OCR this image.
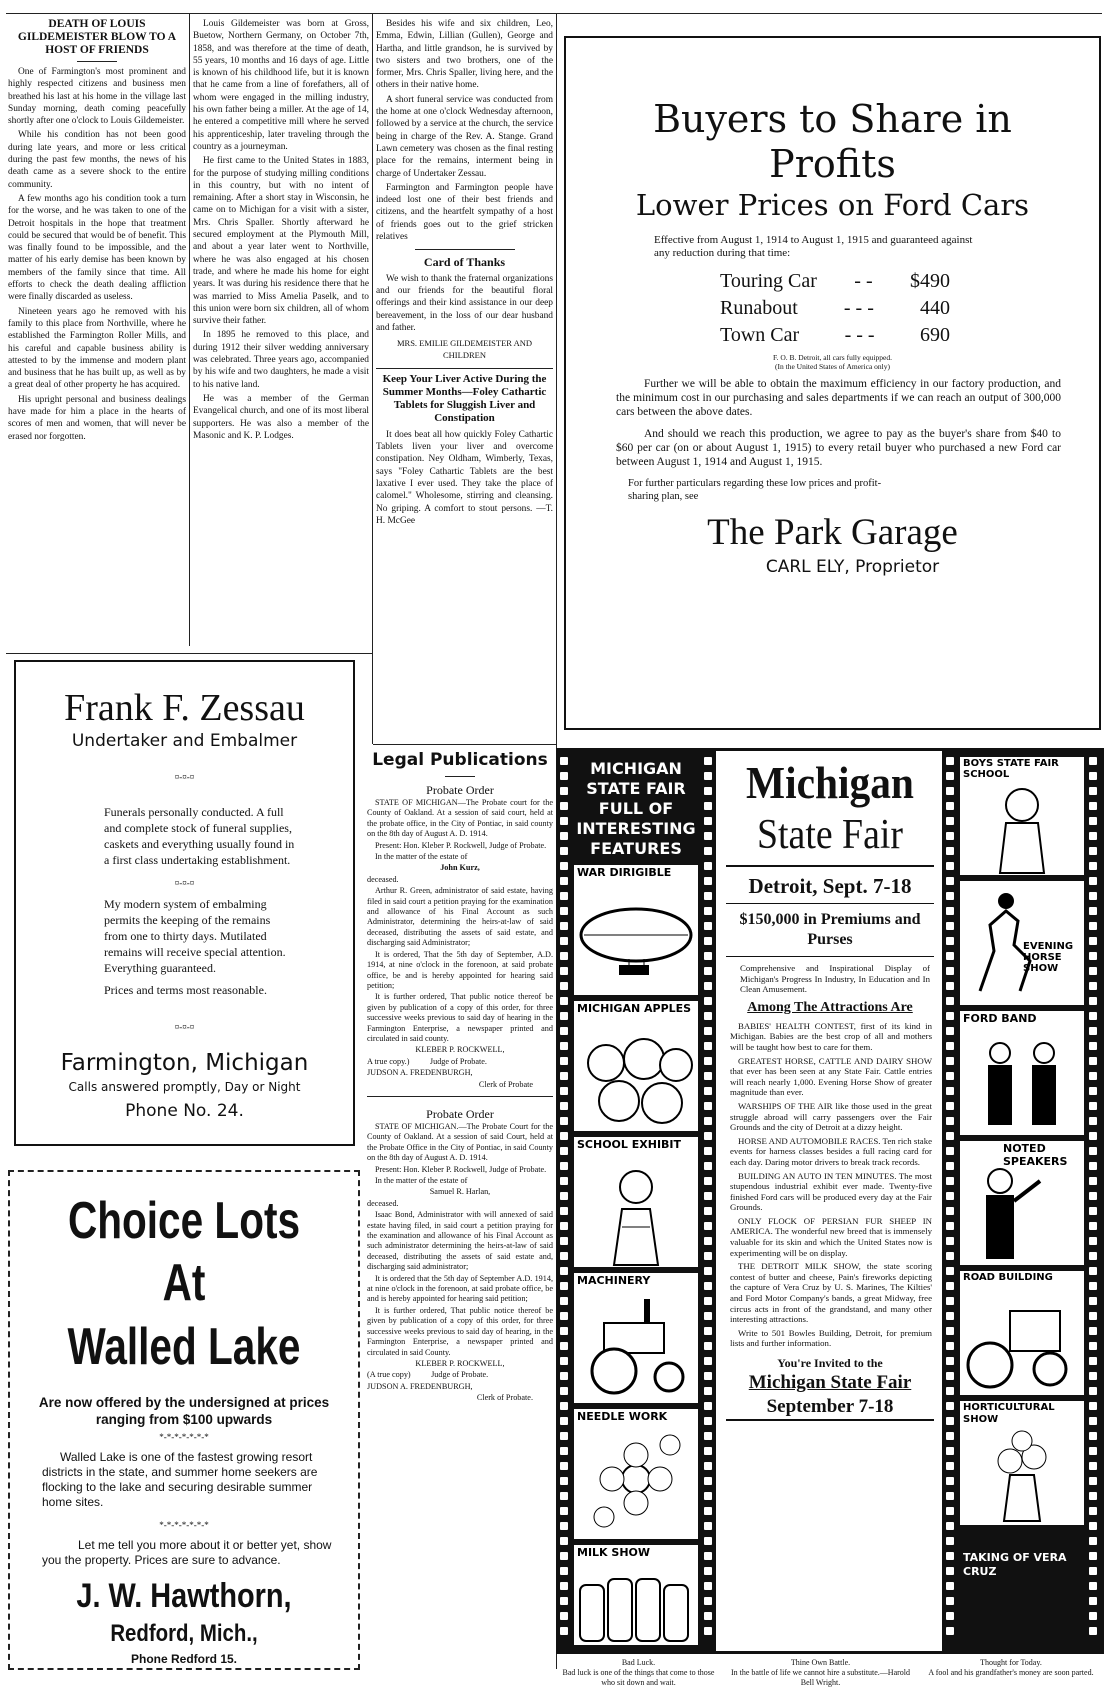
DEATH OF LOUIS GILDEMEISTER BLOW TO A HOST OF FRIENDS

One of Farmington's most prominent and highly respected citizens and business men breathed his last at his home in the village last Sunday morning, death coming peacefully shortly after one o'clock to Louis Gildemeister.

While his condition has not been good during late years, and more or less critical during the past few months, the news of his death came as a severe shock to the entire community.

A few months ago his condition took a turn for the worse, and he was taken to one of the Detroit hospitals in the hope that treatment could be secured that would be of benefit. This was finally found to be impossible, and the matter of his early demise has been known by members of the family since that time. All efforts to check the death dealing affliction were finally discarded as useless.

Nineteen years ago he removed with his family to this place from Northville, where he established the Farmington Roller Mills, and his careful and capable business ability is attested to by the immense and modern plant and business that he has built up, as well as by a great deal of other property he has acquired.

His upright personal and business dealings have made for him a place in the hearts of scores of men and women, that will never be erased nor forgotten.

Louis Gildemeister was born at Gross, Buetow, Northern Germany, on October 7th, 1858, and was therefore at the time of death, 55 years, 10 months and 16 days of age. Little is known of his childhood life, but it is known that he came from a line of forefathers, all of whom were engaged in the milling industry, his own father being a miller. At the age of 14, he entered a competitive mill where he served his apprenticeship, later traveling through the country as a journeyman.

He first came to the United States in 1883, for the purpose of studying milling conditions in this country, but with no intent of remaining. After a short stay in Wisconsin, he came on to Michigan for a visit with a sister, Mrs. Chris Spaller. Shortly afterward he secured employment at the Plymouth Mill, and about a year later went to Northville, where he was also engaged at his chosen trade, and where he made his home for eight years. It was during his residence there that he was married to Miss Amelia Paselk, and to this union were born six children, all of whom survive their father.

In 1895 he removed to this place, and during 1912 their silver wedding anniversary was celebrated. Three years ago, accompanied by his wife and two daughters, he made a visit to his native land.

He was a member of the German Evangelical church, and one of its most liberal supporters. He was also a member of the Masonic and K. P. Lodges.

Besides his wife and six children, Leo, Emma, Edwin, Lillian (Gullen), George and Hartha, and little grandson, he is survived by two sisters and two brothers, one of the former, Mrs. Chris Spaller, living here, and the others in their native home.

A short funeral service was conducted from the home at one o'clock Wednesday afternoon, followed by a service at the church, the service being in charge of the Rev. A. Stange. Grand Lawn cemetery was chosen as the final resting place for the remains, interment being in charge of Undertaker Zessau.

Farmington and Farmington people have indeed lost one of their best friends and citizens, and the heartfelt sympathy of a host of friends goes out to the grief stricken relatives

Card of Thanks

We wish to thank the fraternal organizations and our friends for the beautiful floral offerings and their kind assistance in our deep bereavement, in the loss of our dear husband and father.

MRS. EMILIE GILDEMEISTER AND CHILDREN

Keep Your Liver Active During the Summer Months—Foley Cathartic Tablets for Sluggish Liver and Constipation

It does beat all how quickly Foley Cathartic Tablets liven your liver and overcome constipation. Ney Oldham, Wimberly, Texas, says "Foley Cathartic Tablets are the best laxative I ever used. They take the place of calomel." Wholesome, stirring and cleansing. No griping. A comfort to stout persons. —T. H. McGee

Buyers to Share in
Profits
Lower Prices on Ford Cars
Effective from August 1, 1914 to August 1, 1915 and guaranteed against any reduction during that time:
Touring Car - - $490
Runabout - - - 440
Town Car - - - 690
F. O. B. Detroit, all cars fully equipped.
(In the United States of America only)
Further we will be able to obtain the maximum efficiency in our factory production, and the minimum cost in our purchasing and sales departments if we can reach an output of 300,000 cars between the above dates.
And should we reach this production, we agree to pay as the buyer's share from $40 to $60 per car (on or about August 1, 1915) to every retail buyer who purchased a new Ford car between August 1, 1914 and August 1, 1915.
For further particulars regarding these low prices and profit-sharing plan, see
The Park Garage
CARL ELY, Proprietor
Frank F. Zessau
Undertaker and Embalmer
¤-¤-¤
Funerals personally conducted. A full and complete stock of funeral supplies, caskets and everything usually found in a first class undertaking establishment.
¤-¤-¤
My modern system of embalming permits the keeping of the remains from one to thirty days. Mutilated remains will receive special attention. Everything guaranteed.
Prices and terms most reasonable.
¤-¤-¤
Farmington, Michigan
Calls answered promptly, Day or Night
Phone No. 24.
Choice Lots At
Walled Lake
Are now offered by the undersigned at prices ranging from $100 upwards
*-*-*-*-*-*-*
Walled Lake is one of the fastest growing resort districts in the state, and summer home seekers are flocking to the lake and securing desirable summer home sites.
*-*-*-*-*-*-*
Let me tell you more about it or better yet, show you the property. Prices are sure to advance.
J. W. Hawthorn,
Redford, Mich.,
Phone Redford 15.
Legal Publications
Probate Order

STATE OF MICHIGAN—The Probate court for the County of Oakland. At a session of said court, held at the probate office, in the City of Pontiac, in said county on the 8th day of August A. D. 1914.

Present: Hon. Kleber P. Rockwell, Judge of Probate.

In the matter of the estate of

John Kurz,

deceased.

Arthur R. Green, administrator of said estate, having filed in said court a petition praying for the examination and allowance of his Final Account as such Administrator, determining the heirs-at-law of said deceased, distributing the assets of said estate, and discharging said Administrator;

It is ordered, That the 5th day of September, A.D. 1914, at nine o'clock in the forenoon, at said probate office, be and is hereby appointed for hearing said petition;

It is further ordered, That public notice thereof be given by publication of a copy of this order, for three successive weeks previous to said day of hearing in the Farmington Enterprise, a newspaper printed and circulated in said county.

KLEBER P. ROCKWELL,

A true copy.)          Judge of Probate.

JUDSON A. FREDENBURGH,

Clerk of Probate

Probate Order

STATE OF MICHIGAN.—The Probate Court for the County of Oakland. At a session of said Court, held at the Probate Office in the City of Pontiac, in said County on the 8th day of August A. D. 1914.

Present: Hon. Kleber P. Rockwell, Judge of Probate.

In the matter of the estate of

Samuel R. Harlan,

deceased.

Isaac Bond, Administrator with will annexed of said estate having filed, in said court a petition praying for the examination and allowance of his Final Account as such administrator determining the heirs-at-law of said deceased, distributing the assets of said estate and, discharging said administrator;

It is ordered that the 5th day of September A.D. 1914, at nine o'clock in the forenoon, at said probate office, be and is hereby appointed for hearing said petition;

It is further ordered, That public notice thereof be given by publication of a copy of this order, for three successive weeks previous to said day of hearing, in the Farmington Enterprise, a newspaper printed and circulated in said County.

KLEBER P. ROCKWELL,

(A true copy)          Judge of Probate.

JUDSON A. FREDENBURGH,

Clerk of Probate.

MICHIGAN STATE FAIR FULL OF INTERESTING FEATURES
WAR DIRIGIBLE
MICHIGAN APPLES
SCHOOL EXHIBIT
MACHINERY
NEEDLE WORK
MILK SHOW
Michigan
State Fair
Detroit, Sept. 7-18
$150,000 in Premiums and Purses
Comprehensive and Inspirational Display of Michigan's Progress In Industry, In Education and In Clean Amusement.
Among The Attractions Are

BABIES' HEALTH CONTEST, first of its kind in Michigan. Babies are the best crop of all and mothers will be taught how best to care for them.

GREATEST HORSE, CATTLE AND DAIRY SHOW that ever has been seen at any State Fair. Cattle entries will reach nearly 1,000. Evening Horse Show of greater magnitude than ever.

WARSHIPS OF THE AIR like those used in the great struggle abroad will carry passengers over the Fair Grounds and the city of Detroit at a dizzy height.

HORSE AND AUTOMOBILE RACES. Ten rich stake events for harness classes besides a full racing card for each day. Daring motor drivers to break track records.

BUILDING AN AUTO IN TEN MINUTES. The most stupendous industrial exhibit ever made. Twenty-five finished Ford cars will be produced every day at the Fair Grounds.

ONLY FLOCK OF PERSIAN FUR SHEEP IN AMERICA. The wonderful new breed that is immensely valuable for its skin and which the United States now is experimenting will be on display.

THE DETROIT MILK SHOW, the state scoring contest of butter and cheese, Pain's fireworks depicting the capture of Vera Cruz by U. S. Marines, The Kilties' and Ford Motor Company's bands, a great Midway, free circus acts in front of the grandstand, and many other interesting attractions.

Write to 501 Bowles Building, Detroit, for premium lists and further information.

You're Invited to the
Michigan State Fair
September 7-18
BOYS STATE FAIR SCHOOL
EVENING HORSE SHOW
FORD BAND
NOTED SPEAKERS
ROAD BUILDING
HORTICULTURAL SHOW
TAKING OF VERA CRUZ
Bad Luck.
Bad luck is one of the things that come to those who sit down and wait.
Thine Own Battle.
In the battle of life we cannot hire a substitute.—Harold Bell Wright.
Thought for Today.
A fool and his grandfather's money are soon parted.
